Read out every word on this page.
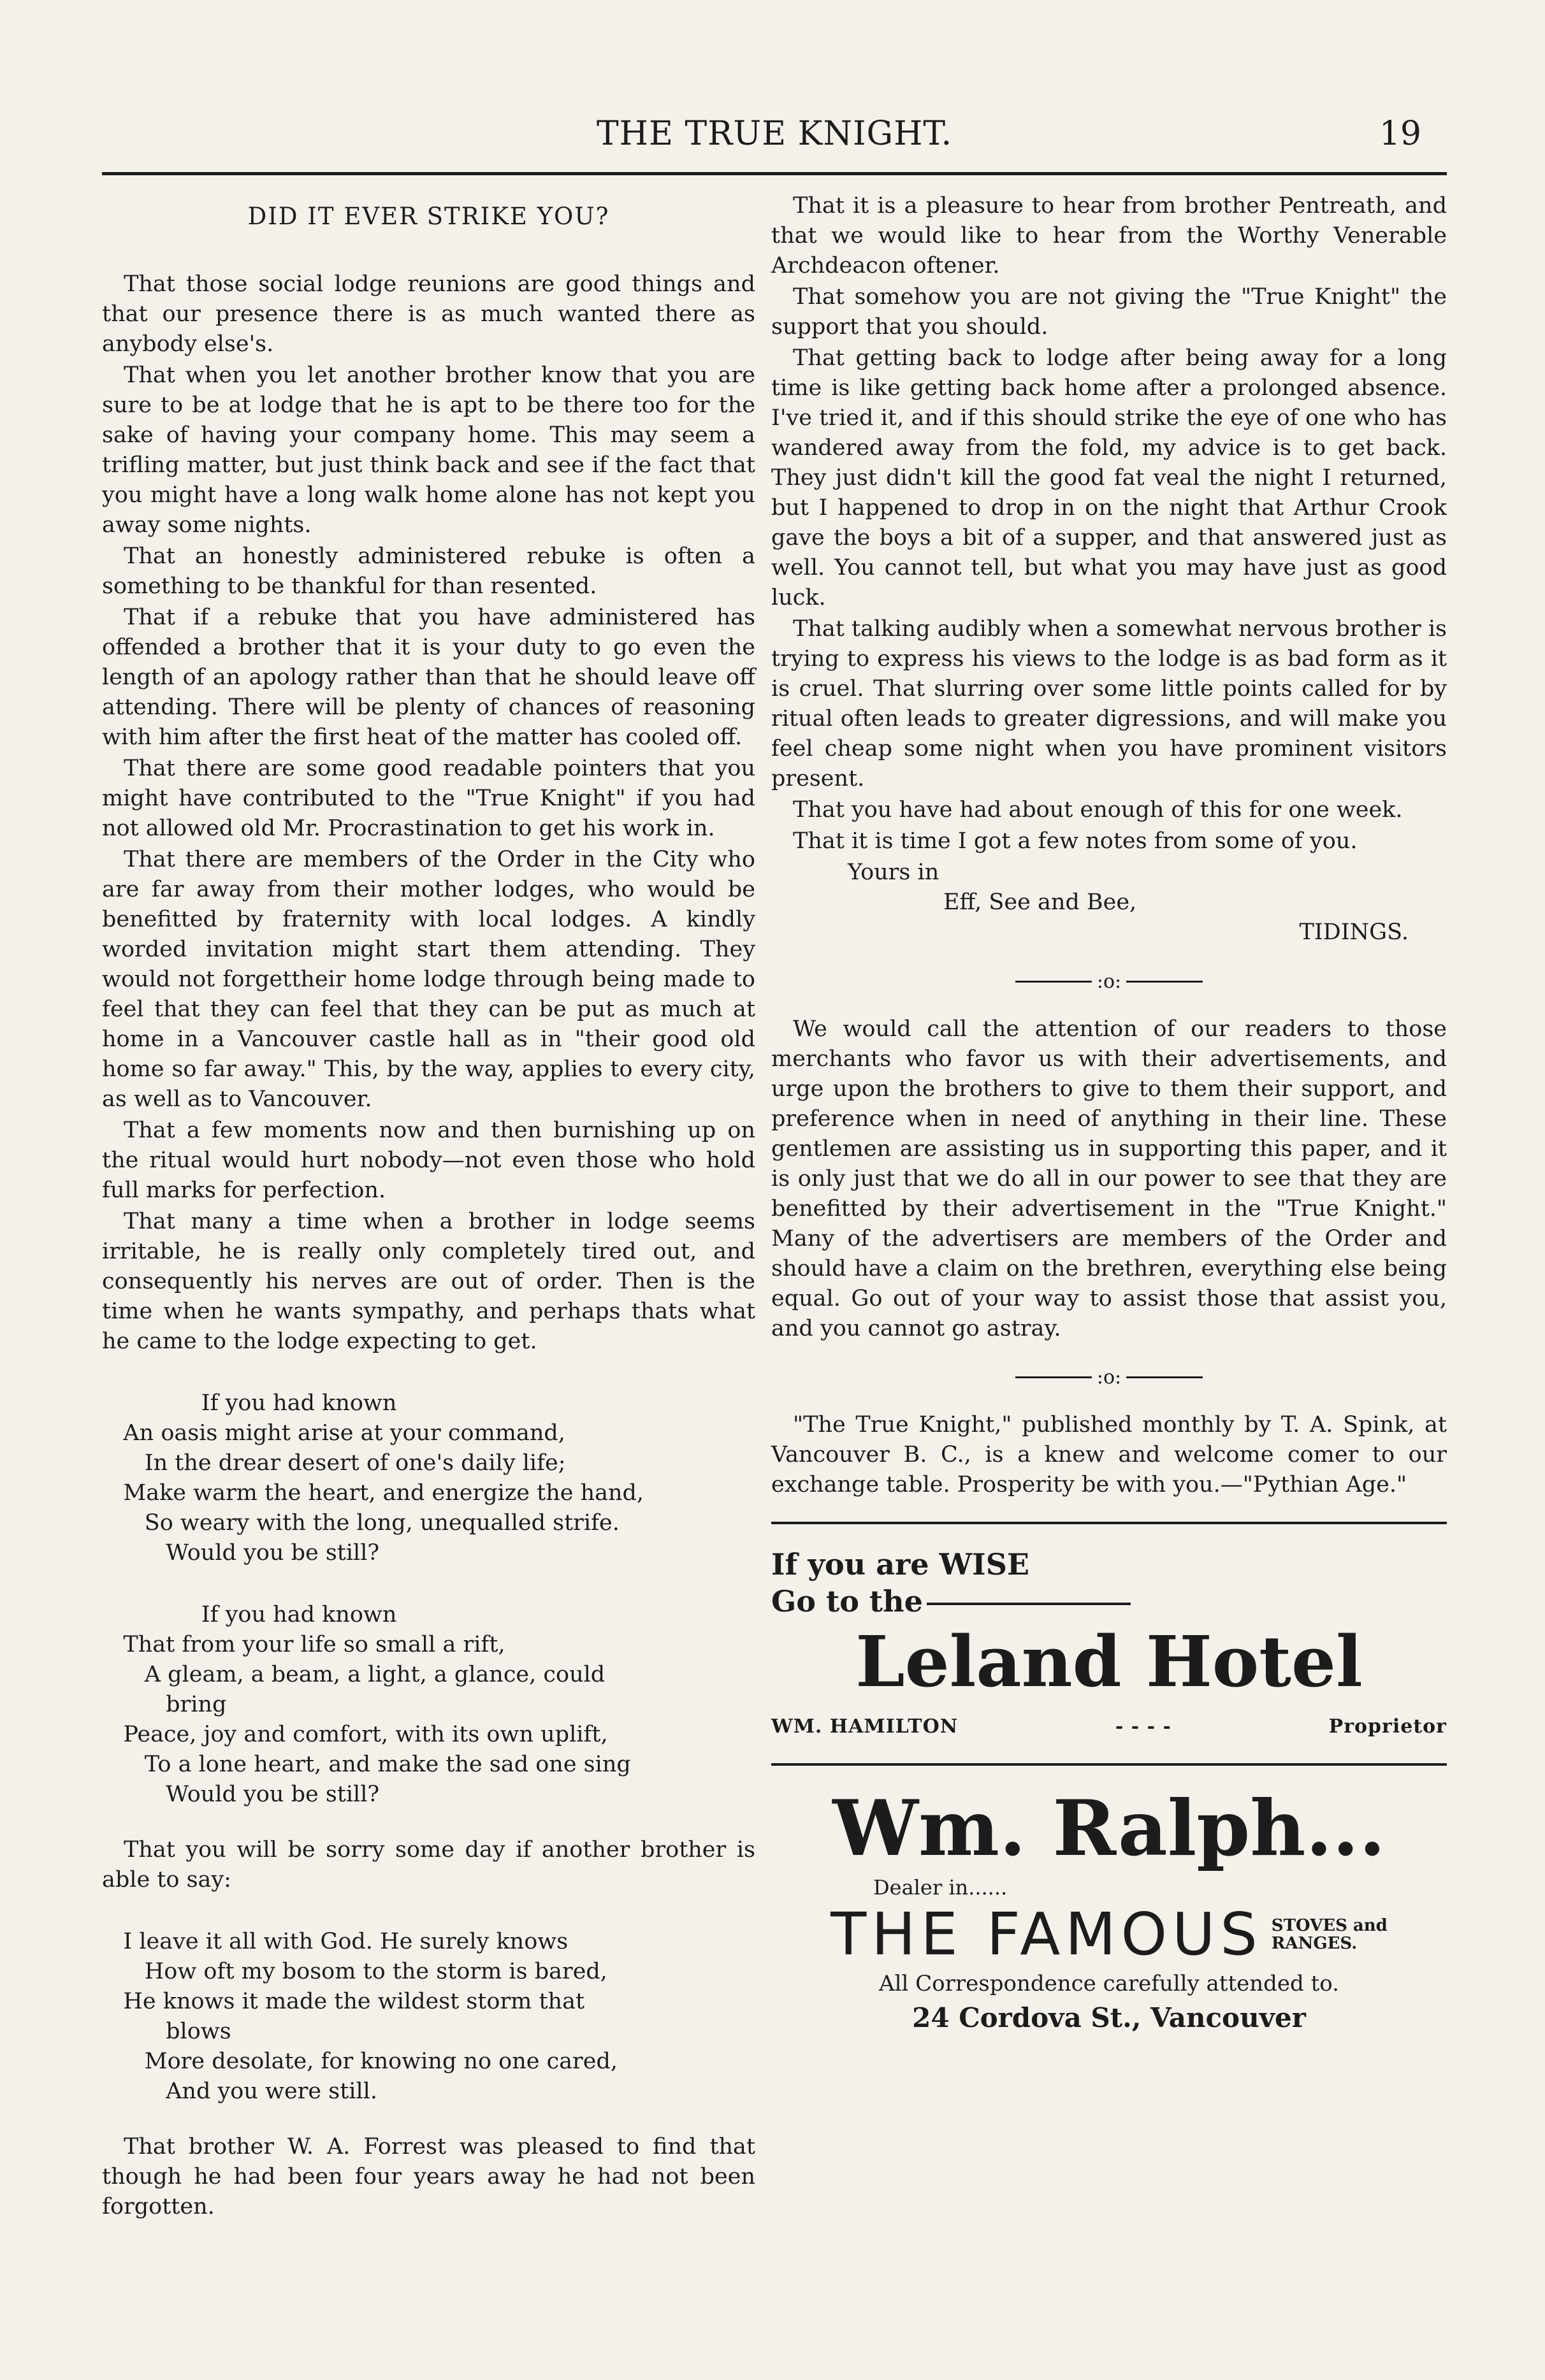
THE TRUE KNIGHT.	19

DID IT EVER STRIKE YOU?

That those social lodge reunions are good things and that our presence there is as much wanted there as anybody else's.

That when you let another brother know that you are sure to be at lodge that he is apt to be there too for the sake of having your company home. This may seem a trifling matter, but just think back and see if the fact that you might have a long walk home alone has not kept you away some nights.

That an honestly administered rebuke is often a something to be thankful for than resented.

That if a rebuke that you have administered has offended a brother that it is your duty to go even the length of an apology rather than that he should leave off attending. There will be plenty of chances of reasoning with him after the first heat of the matter has cooled off.

That there are some good readable pointers that you might have contributed to the "True Knight" if you had not allowed old Mr. Procrastination to get his work in.

That there are members of the Order in the City who are far away from their mother lodges, who would be benefitted by fraternity with local lodges. A kindly worded invitation might start them attending. They would not forgettheir home lodge through being made to feel that they can feel that they can be put as much at home in a Vancouver castle hall as in "their good old home so far away." This, by the way, applies to every city, as well as to Vancouver.

That a few moments now and then burnishing up on the ritual would hurt nobody—not even those who hold full marks for perfection.

That many a time when a brother in lodge seems irritable, he is really only completely tired out, and consequently his nerves are out of order. Then is the time when he wants sympathy, and perhaps thats what he came to the lodge expecting to get.

If you had known
An oasis might arise at your command,
In the drear desert of one's daily life;
Make warm the heart, and energize the hand,
So weary with the long, unequalled strife.
Would you be still?
If you had known
That from your life so small a rift,
A gleam, a beam, a light, a glance, could
bring
Peace, joy and comfort, with its own uplift,
To a lone heart, and make the sad one sing
Would you be still?

That you will be sorry some day if another brother is able to say:

I leave it all with God. He surely knows
How oft my bosom to the storm is bared,
He knows it made the wildest storm that
blows
More desolate, for knowing no one cared,
And you were still.

That brother W. A. Forrest was pleased to find that though he had been four years away he had not been forgotten.

That it is a pleasure to hear from brother Pentreath, and that we would like to hear from the Worthy Venerable Archdeacon oftener.

That somehow you are not giving the "True Knight" the support that you should.

That getting back to lodge after being away for a long time is like getting back home after a prolonged absence. I've tried it, and if this should strike the eye of one who has wandered away from the fold, my advice is to get back. They just didn't kill the good fat veal the night I returned, but I happened to drop in on the night that Arthur Crook gave the boys a bit of a supper, and that answered just as well. You cannot tell, but what you may have just as good luck.

That talking audibly when a somewhat nervous brother is trying to express his views to the lodge is as bad form as it is cruel. That slurring over some little points called for by ritual often leads to greater digressions, and will make you feel cheap some night when you have prominent visitors present.

That you have had about enough of this for one week.

That it is time I got a few notes from some of you.

Yours in
Eff, See and Bee,
TIDINGS.
:o:

We would call the attention of our readers to those merchants who favor us with their advertisements, and urge upon the brothers to give to them their support, and preference when in need of anything in their line. These gentlemen are assisting us in supporting this paper, and it is only just that we do all in our power to see that they are benefitted by their advertisement in the "True Knight." Many of the advertisers are members of the Order and should have a claim on the brethren, everything else being equal. Go out of your way to assist those that assist you, and you cannot go astray.

:o:

"The True Knight," published monthly by T. A. Spink, at Vancouver B. C., is a knew and welcome comer to our exchange table. Prosperity be with you.—"Pythian Age."

If you are WISE
Go to the
Leland Hotel
WM. HAMILTON	- - - -	Proprietor
Wm. Ralph...
Dealer in......
THE FAMOUS STOVES and
RANGES.
All Correspondence carefully attended to.
24 Cordova St., Vancouver
